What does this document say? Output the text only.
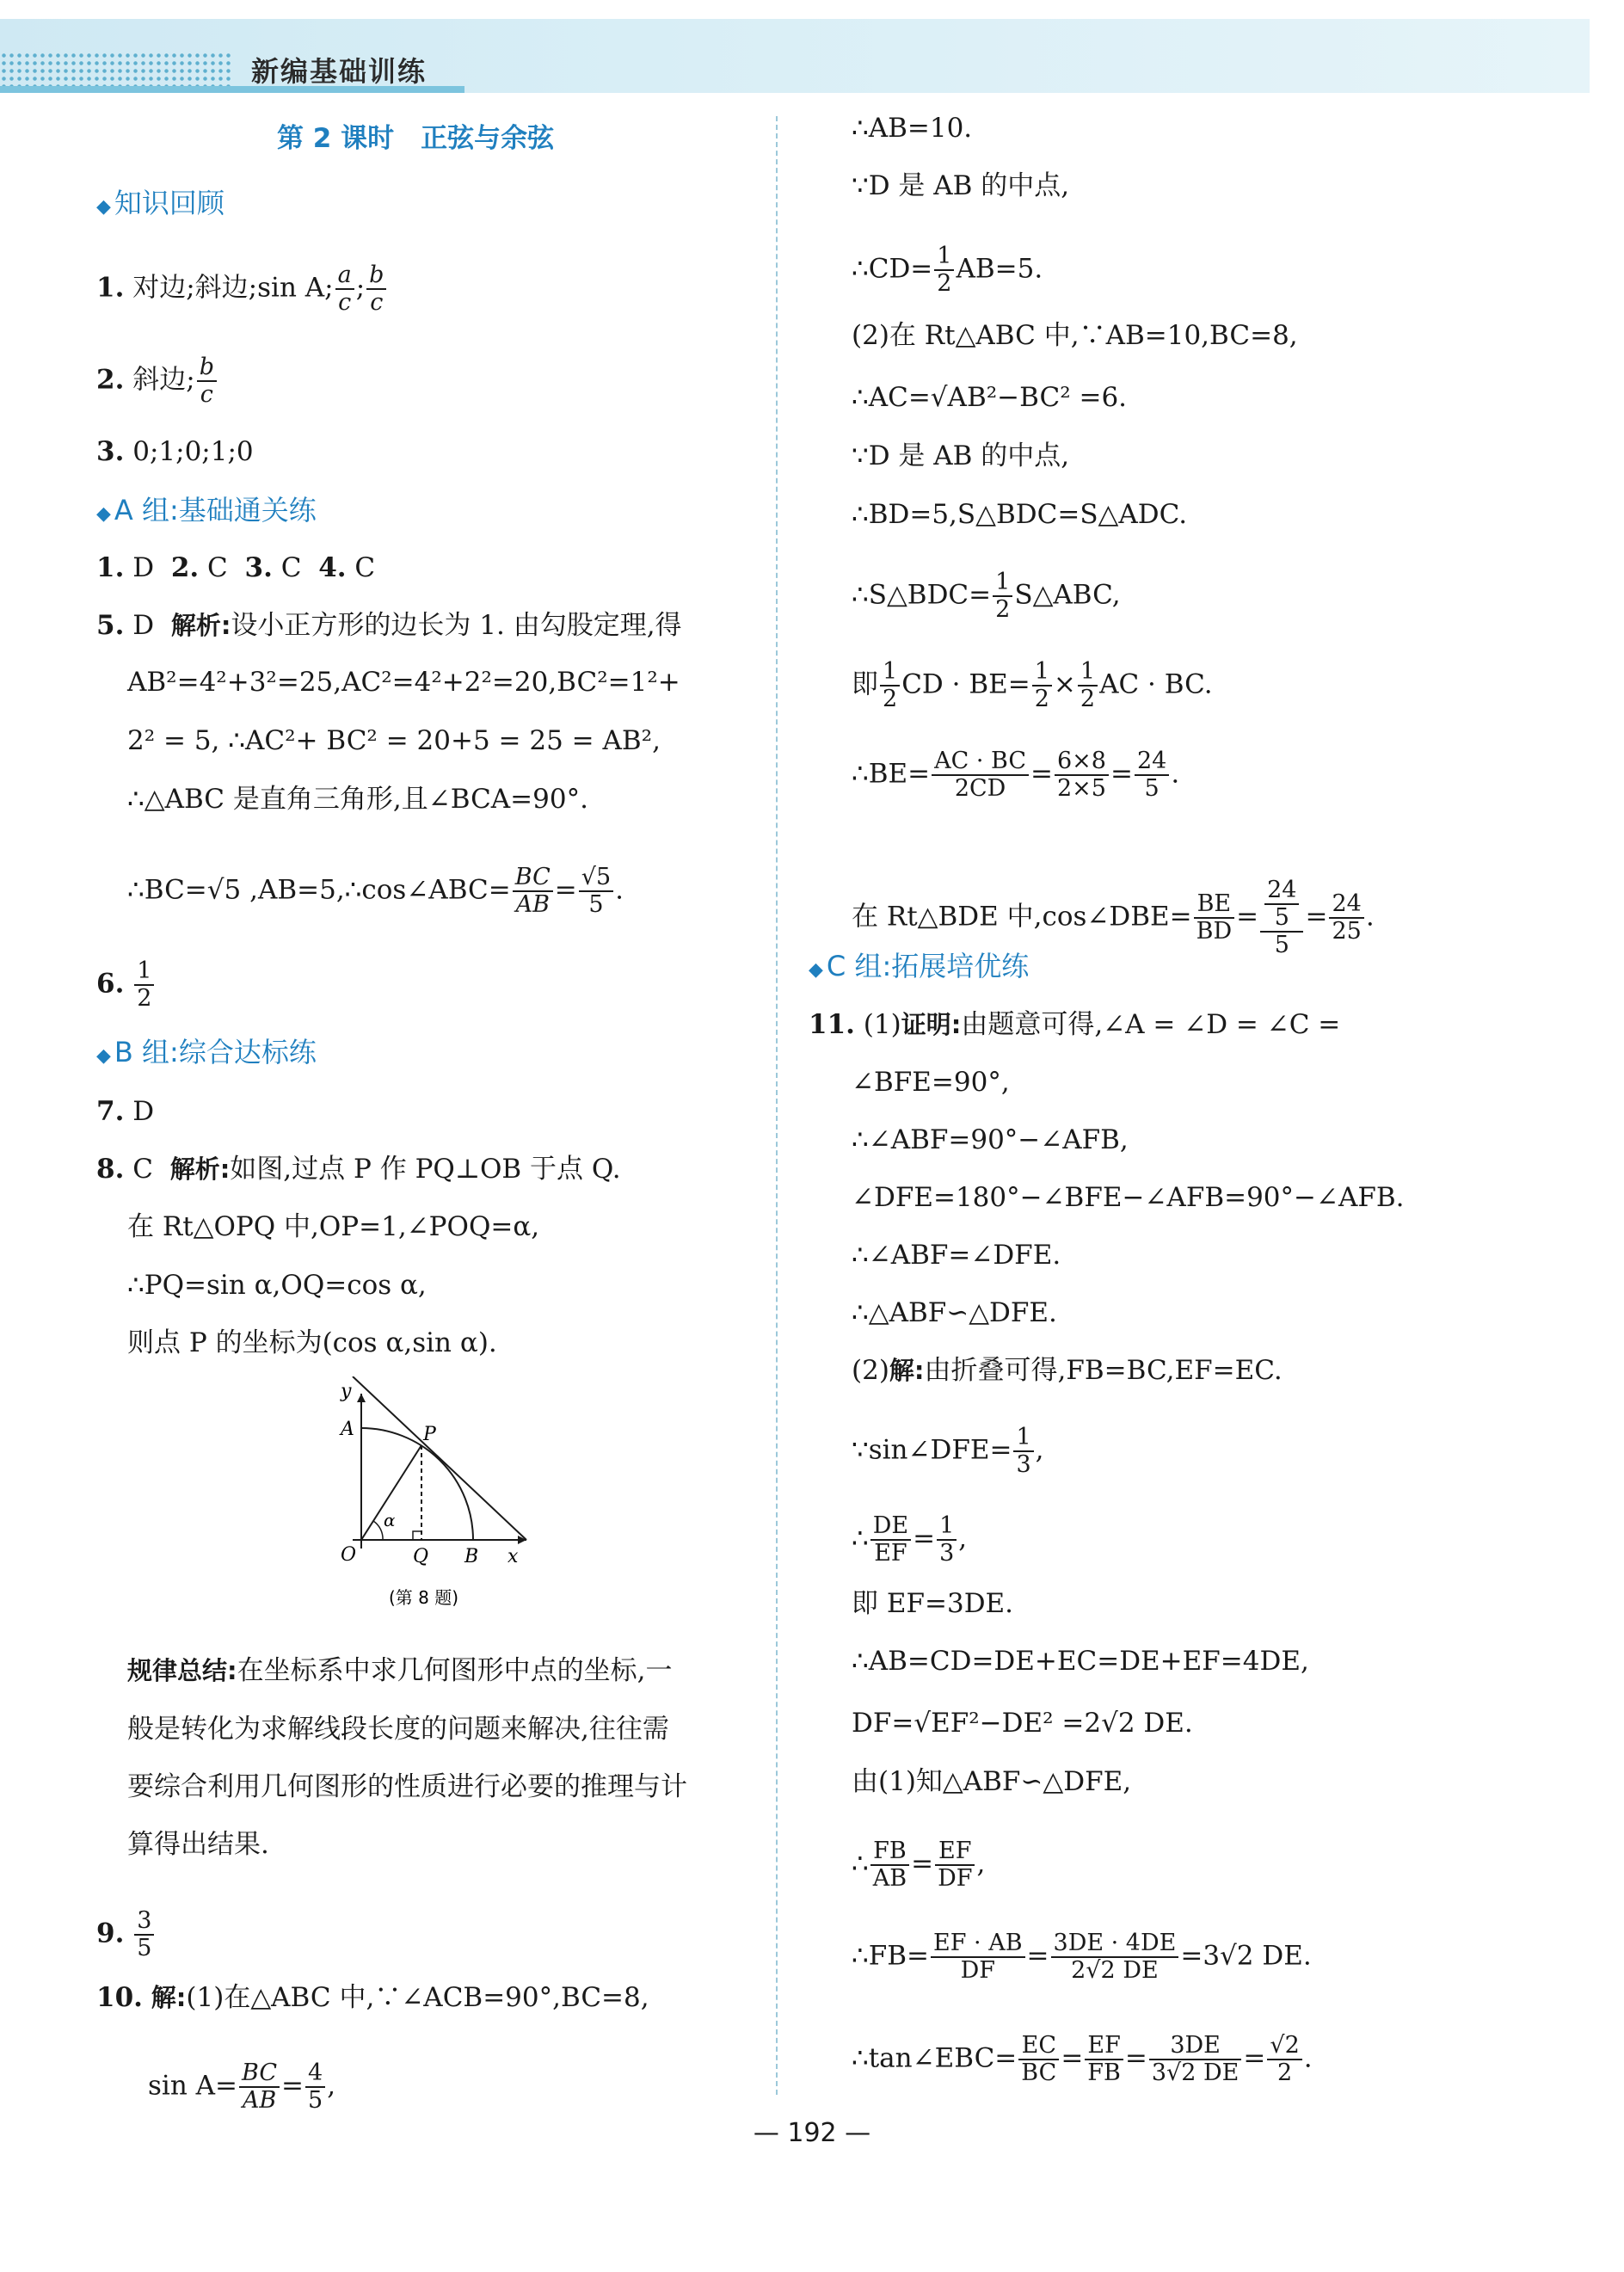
新编基础训练
第 2 课时　正弦与余弦
◆ 知识回顾
1. 对边;斜边;sin A; $\frac{a}{c}$ ; $\frac{b}{c}$
2. 斜边; $\frac{b}{c}$
3. 0;1;0;1;0
◆ A 组:基础通关练
1. D 2. C 3. C 4. C
5. D 解析:设小正方形的边长为 1. 由勾股定理,得
AB²=4²+3²=25,AC²=4²+2²=20,BC²=1²+
2² = 5, ∴AC²+ BC² = 20+5 = 25 = AB²,
∴△ABC 是直角三角形,且∠BCA=90°.
∴BC=√5 ,AB=5,∴cos∠ABC= $\frac{BC}{AB} = \frac{√5}{5}$ .
6. $\frac{1}{2}$
◆ B 组:综合达标练
7. D
8. C 解析:如图,过点 P 作 PQ⊥OB 于点 Q.
在 Rt△OPQ 中,OP=1,∠POQ=α,
∴PQ=sin α,OQ=cos α,
则点 P 的坐标为(cos α,sin α).
规律总结:在坐标系中求几何图形中点的坐标,一
般是转化为求解线段长度的问题来解决,往往需
要综合利用几何图形的性质进行必要的推理与计
算得出结果.
9. $\frac{3}{5}$
10. 解:(1)在△ABC 中,∵∠ACB=90°,BC=8,
$\sin A= \frac{BC}{AB} = \frac{4}{5}$ ,
y
A	P
α
O	Q B x
(第 8 题)
∴AB=10.
∵D 是 AB 的中点,
∴CD= $\frac{1}{2} AB=5$.
(2)在 Rt△ABC 中,∵AB=10,BC=8,
∴AC=√AB²−BC² =6.
∵D 是 AB 的中点,
∴BD=5,S△BDC=S△ADC.
∴S△BDC= $\frac{1}{2}$ S△ABC,
即 $\frac{1}{2}$ CD · $BE= \frac{1}{2} \times \frac{1}{2}$ AC · BC.
∴BE= $\frac{AC \cdot BC}{2CD} = \frac{6\times 8}{2\times 5} = \frac{24}{5}$ .
在 Rt△BDE 中,cos∠DBE= $\frac{BE}{BD} = \frac{\frac{24}{5}}{5} = \frac{24}{25}$ .
◆ C 组:拓展培优练
11. (1)证明:由题意可得,∠A = ∠D = ∠C =
∠BFE=90°,
∴∠ABF=90°−∠AFB,
∠DFE=180°−∠BFE−∠AFB=90°−∠AFB.
∴∠ABF=∠DFE.
∴△ABF∽△DFE.
(2)解:由折叠可得,FB=BC,EF=EC.
∵sin∠DFE= $\frac{1}{3}$ ,
∴ $\frac{DE}{EF} = \frac{1}{3}$ ,
即 EF=3DE.
∴AB=CD=DE+EC=DE+EF=4DE,
DF=√EF²−DE² =2√2 DE.
由(1)知△ABF∽△DFE,
∴ $\frac{FB}{AB} = \frac{EF}{DF}$ ,
∴FB= $\frac{EF \cdot AB}{DF} = \frac{3DE \cdot 4DE}{2√2 DE} =3√2$ DE.
∴tan∠EBC= $\frac{EC}{BC} = \frac{EF}{FB} = \frac{3DE}{3√2 DE} = \frac{√2}{2}$ .
— 192 —
